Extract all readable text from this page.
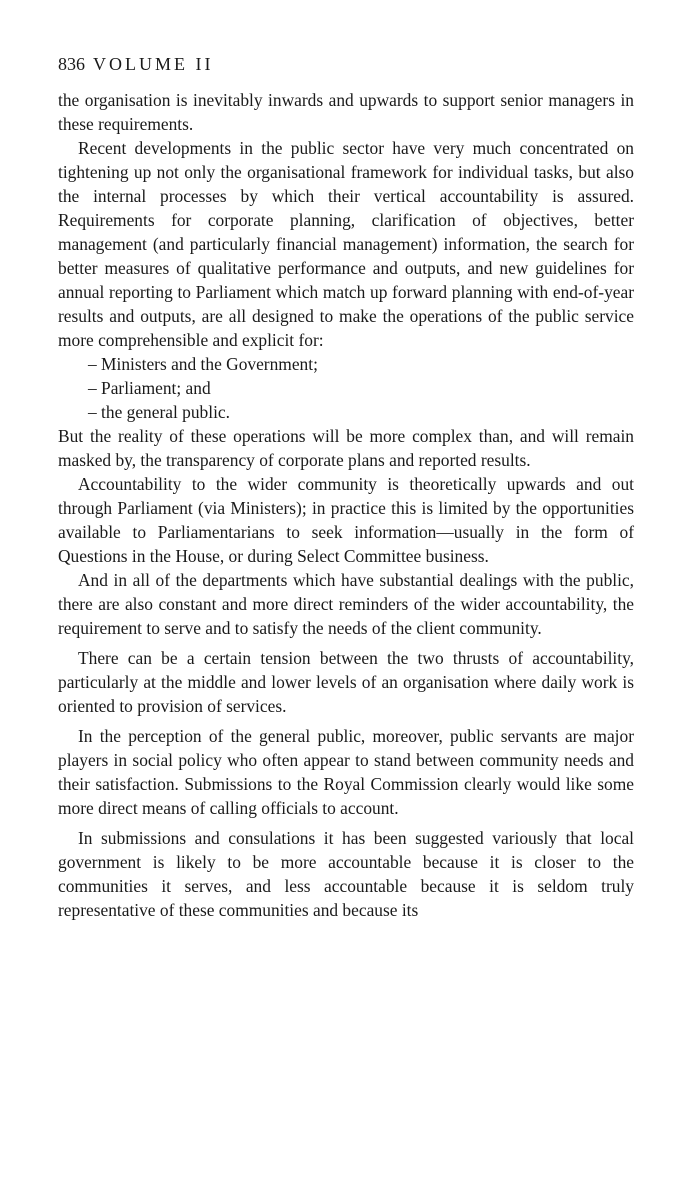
836 VOLUME II

the organisation is inevitably inwards and upwards to support senior managers in these requirements.

Recent developments in the public sector have very much concentrated on tightening up not only the organisational framework for individual tasks, but also the internal processes by which their vertical accountability is assured. Requirements for corporate planning, clarification of objectives, better management (and particularly financial management) information, the search for better measures of qualitative performance and outputs, and new guidelines for annual reporting to Parliament which match up forward planning with end-of-year results and outputs, are all designed to make the operations of the public service more comprehensible and explicit for:

– Ministers and the Government;
– Parliament; and
– the general public.

But the reality of these operations will be more complex than, and will remain masked by, the transparency of corporate plans and reported results.

Accountability to the wider community is theoretically upwards and out through Parliament (via Ministers); in practice this is limited by the opportunities available to Parliamentarians to seek information—usually in the form of Questions in the House, or during Select Committee business.

And in all of the departments which have substantial dealings with the public, there are also constant and more direct reminders of the wider accountability, the requirement to serve and to satisfy the needs of the client community.

There can be a certain tension between the two thrusts of accountability, particularly at the middle and lower levels of an organisation where daily work is oriented to provision of services.

In the perception of the general public, moreover, public servants are major players in social policy who often appear to stand between community needs and their satisfaction. Submissions to the Royal Commission clearly would like some more direct means of calling officials to account.

In submissions and consulations it has been suggested variously that local government is likely to be more accountable because it is closer to the communities it serves, and less accountable because it is seldom truly representative of these communities and because its
